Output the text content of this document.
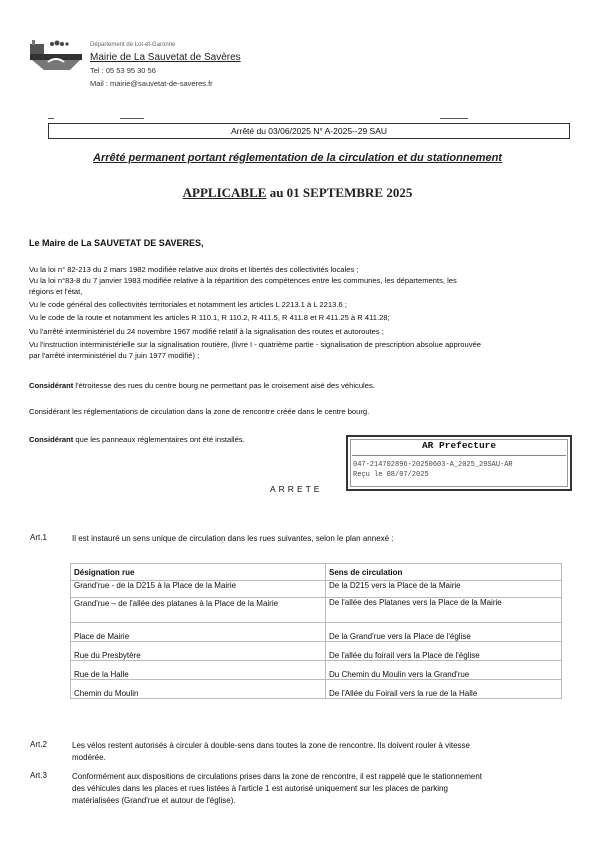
Département de Lot-et-Garonne
Mairie de La Sauvetat de Savères
Tel : 05 53 95 30 56
Mail : mairie@sauvetat-de-saveres.fr
Arrêté du 03/06/2025 N° A-2025--29 SAU
Arrêté permanent portant réglementation de la circulation et du stationnement
APPLICABLE au 01 SEPTEMBRE 2025
Le Maire de La SAUVETAT DE SAVERES,
Vu la loi n° 82-213 du 2 mars 1982 modifiée relative aux droits et libertés des collectivités locales ;
Vu la loi n°83-8 du 7 janvier 1983 modifiée relative à la répartition des compétences entre les communes, les départements, les
régions et l'état,
Vu le code général des collectivités territoriales et notamment les articles L 2213.1 à L 2213.6 ;
Vu le code de la route et notamment les articles R 110.1, R 110.2, R 411.5, R 411.8 et R 411.25 à R 411.28;
Vu l'arrêté interministériel du 24 novembre 1967 modifié relatif à la signalisation des routes et autoroutes ;
Vu l'instruction interministérielle sur la signalisation routière, (livre I - quatrième partie - signalisation de prescription absolue approuvée
par l'arrêté interministériel du 7 juin 1977 modifié) ;
Considérant l'étroitesse des rues du centre bourg ne permettant pas le croisement aisé des véhicules.
Considérant les réglementations de circulation dans la zone de rencontre créée dans le centre bourg.
Considérant que les panneaux réglementaires ont été installés.
AR Prefecture
047-214702896-20250603-A_2025_29SAU-AR
Reçu le 08/07/2025
ARRETE
Art.1	Il est instauré un sens unique de circulation dans les rues suivantes, selon le plan annexé :
Désignation rue	Sens de circulation
Grand'rue - de la D215 à la Place de la Mairie	De la D215 vers la Place de la Mairie
Grand'rue – de l'allée des platanes à la Place de la Mairie	De l'allée des Platanes vers la Place de la Mairie
Place de Mairie	De la Grand'rue vers la Place de l'église
Rue du Presbytère	De l'allée du foirail vers la Place de l'église
Rue de la Halle	Du Chemin du Moulin vers la Grand'rue
Chemin du Moulin	De l'Allée du Foirail vers la rue de la Halle
Art.2	Les vélos restent autorisés à circuler à double-sens dans toutes la zone de rencontre. Ils doivent rouler à vitesse
modérée.
Art.3	Conformément aux dispositions de circulations prises dans la zone de rencontre, il est rappelé que le stationnement
des véhicules dans les places et rues listées à l'article 1 est autorisé uniquement sur les places de parking
matérialisées (Grand'rue et autour de l'église).
